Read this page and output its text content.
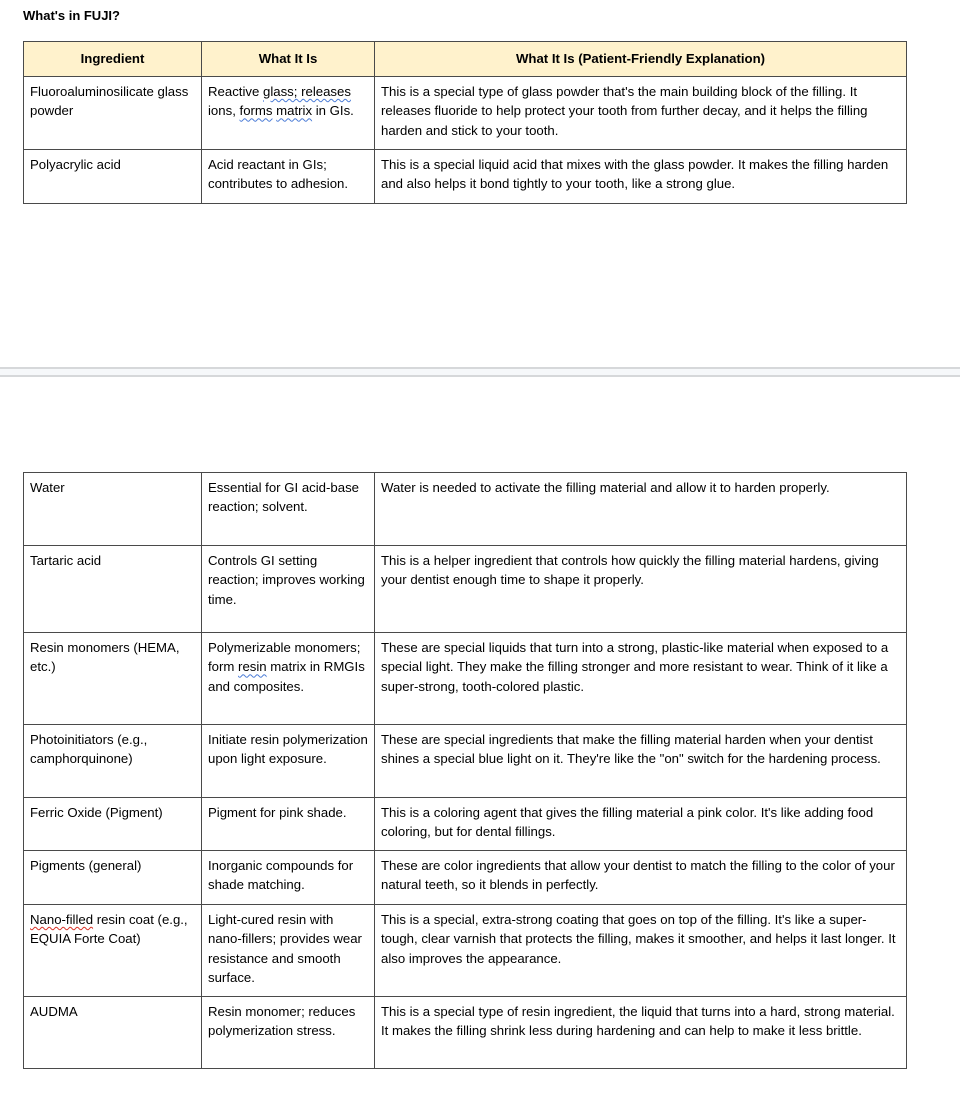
What's in FUJI?
Ingredient	What It Is	What It Is (Patient-Friendly Explanation)
Fluoroaluminosilicate glass powder	Reactive glass; releases ions, forms matrix in GIs.	This is a special type of glass powder that's the main building block of the filling. It releases fluoride to help protect your tooth from further decay, and it helps the filling harden and stick to your tooth.
Polyacrylic acid	Acid reactant in GIs; contributes to adhesion.	This is a special liquid acid that mixes with the glass powder. It makes the filling harden and also helps it bond tightly to your tooth, like a strong glue.
Water	Essential for GI acid-base reaction; solvent.	Water is needed to activate the filling material and allow it to harden properly.
Tartaric acid	Controls GI setting reaction; improves working time.	This is a helper ingredient that controls how quickly the filling material hardens, giving your dentist enough time to shape it properly.
Resin monomers (HEMA, etc.)	Polymerizable monomers; form resin matrix in RMGIs and composites.	These are special liquids that turn into a strong, plastic-like material when exposed to a special light. They make the filling stronger and more resistant to wear. Think of it like a super-strong, tooth-colored plastic.
Photoinitiators (e.g., camphorquinone)	Initiate resin polymerization upon light exposure.	These are special ingredients that make the filling material harden when your dentist shines a special blue light on it. They're like the "on" switch for the hardening process.
Ferric Oxide (Pigment)	Pigment for pink shade.	This is a coloring agent that gives the filling material a pink color. It's like adding food coloring, but for dental fillings.
Pigments (general)	Inorganic compounds for shade matching.	These are color ingredients that allow your dentist to match the filling to the color of your natural teeth, so it blends in perfectly.
Nano-filled resin coat (e.g., EQUIA Forte Coat)	Light-cured resin with nano-fillers; provides wear resistance and smooth surface.	This is a special, extra-strong coating that goes on top of the filling. It's like a super-tough, clear varnish that protects the filling, makes it smoother, and helps it last longer. It also improves the appearance.
AUDMA	Resin monomer; reduces polymerization stress.	This is a special type of resin ingredient, the liquid that turns into a hard, strong material. It makes the filling shrink less during hardening and can help to make it less brittle.
